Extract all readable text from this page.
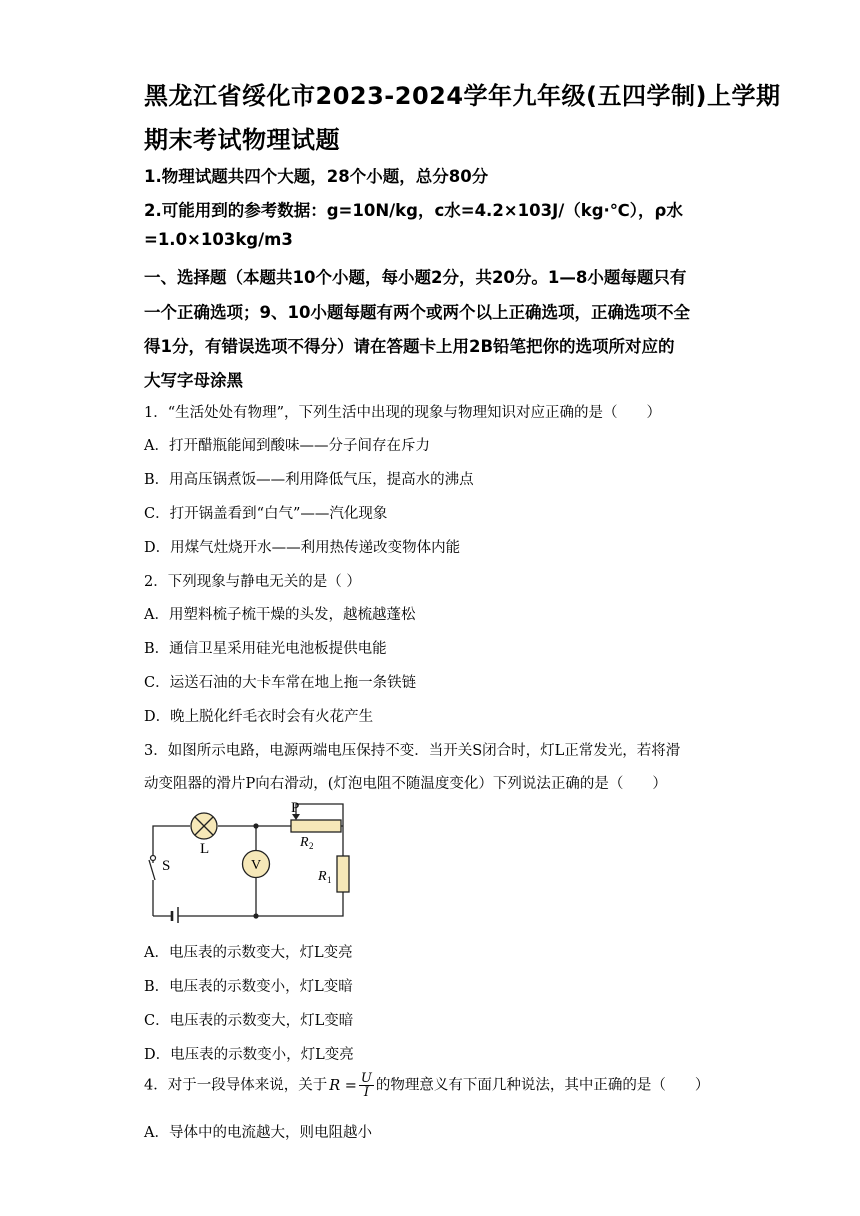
黑龙江省绥化市2023-2024学年九年级(五四学制)上学期
期末考试物理试题
1.物理试题共四个大题，28个小题，总分80分
2.可能用到的参考数据：g=10N/kg，c水=4.2×103J/（kg·℃），ρ水
=1.0×103kg/m3
一、选择题（本题共10个小题，每小题2分，共20分。1—8小题每题只有
一个正确选项；9、10小题每题有两个或两个以上正确选项，正确选项不全
得1分，有错误选项不得分）请在答题卡上用2B铅笔把你的选项所对应的
大写字母涂黑
1．“生活处处有物理”，下列生活中出现的现象与物理知识对应正确的是（　　）
A．打开醋瓶能闻到酸味——分子间存在斥力
B．用高压锅煮饭——利用降低气压，提高水的沸点
C．打开锅盖看到“白气”——汽化现象
D．用煤气灶烧开水——利用热传递改变物体内能
2．下列现象与静电无关的是（ ）
A．用塑料梳子梳干燥的头发，越梳越蓬松
B．通信卫星采用硅光电池板提供电能
C．运送石油的大卡车常在地上拖一条铁链
D．晚上脱化纤毛衣时会有火花产生
3．如图所示电路，电源两端电压保持不变．当开关S闭合时，灯L正常发光，若将滑
动变阻器的滑片P向右滑动，(灯泡电阻不随温度变化）下列说法正确的是（　　）
V
P
L
S
R 2
R 1
A．电压表的示数变大，灯L变亮
B．电压表的示数变小，灯L变暗
C．电压表的示数变大，灯L变暗
D．电压表的示数变小，灯L变亮
4．对于一段导体来说，关于 $R = \frac{U}{I}$ 的物理意义有下面几种说法，其中正确的是（　　）
A．导体中的电流越大，则电阻越小
